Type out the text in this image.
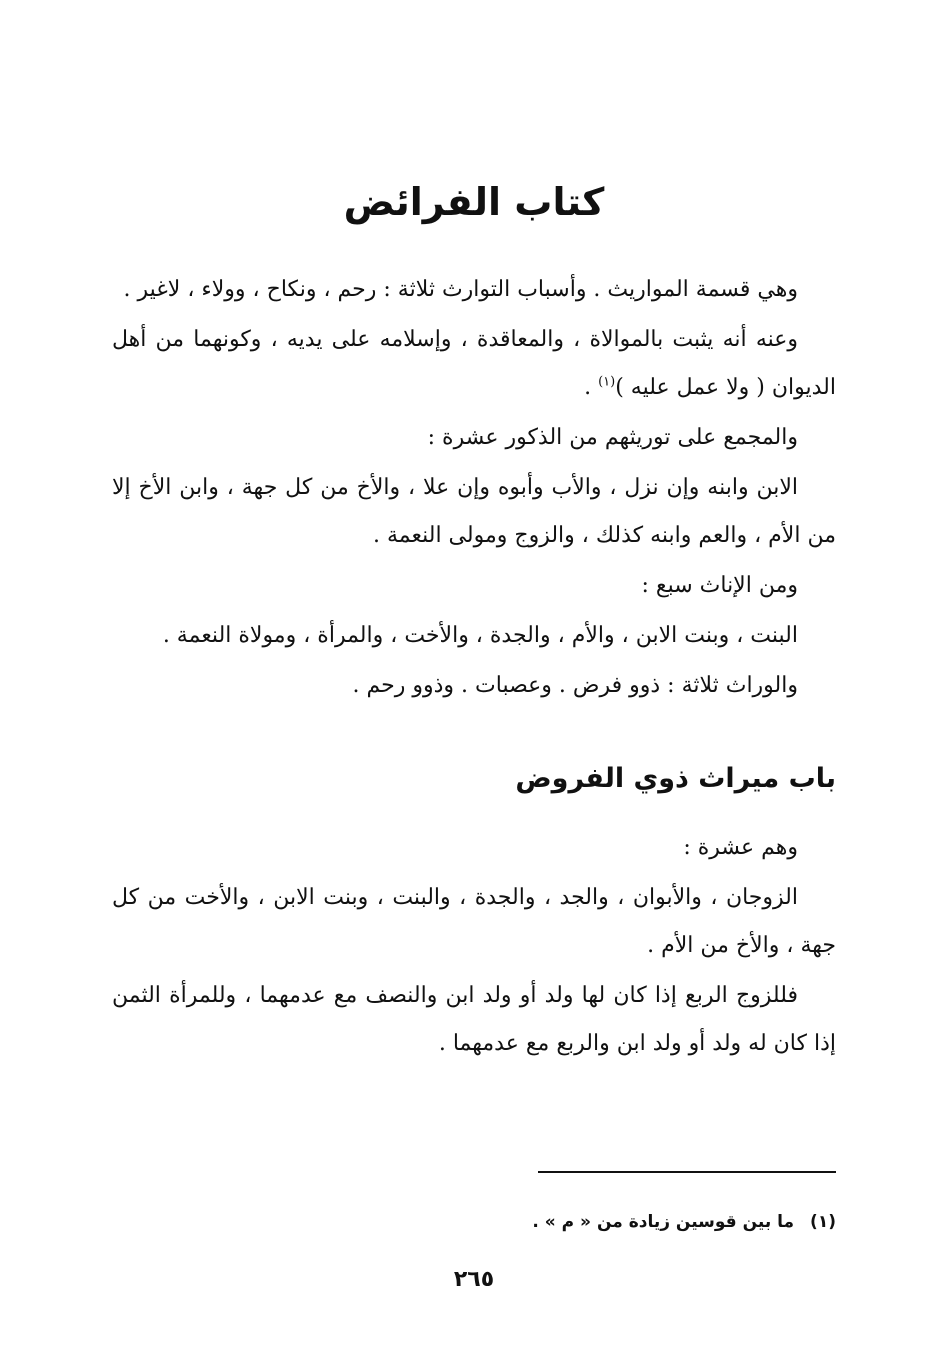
كتاب الفرائض

وهي قسمة المواريث . وأسباب التوارث ثلاثة : رحم ، ونكاح ، وولاء ، لاغير .

وعنه أنه يثبت بالموالاة ، والمعاقدة ، وإسلامه على يديه ، وكونهما من أهل الديوان ( ولا عمل عليه )$^{(١)}$ .

والمجمع على توريثهم من الذكور عشرة :

الابن وابنه وإن نزل ، والأب وأبوه وإن علا ، والأخ من كل جهة ، وابن الأخ إلا من الأم ، والعم وابنه كذلك ، والزوج ومولى النعمة .

ومن الإناث سبع :

البنت ، وبنت الابن ، والأم ، والجدة ، والأخت ، والمرأة ، ومولاة النعمة .

والوراث ثلاثة : ذوو فرض . وعصبات . وذوو رحم .

باب ميراث ذوي الفروض

وهم عشرة :

الزوجان ، والأبوان ، والجد ، والجدة ، والبنت ، وبنت الابن ، والأخت من كل جهة ، والأخ من الأم .

فللزوج الربع إذا كان لها ولد أو ولد ابن والنصف مع عدمهما ، وللمرأة الثمن إذا كان له ولد أو ولد ابن والربع مع عدمهما .

(١)ما بين قوسين زيادة من « م » .

٢٦٥
